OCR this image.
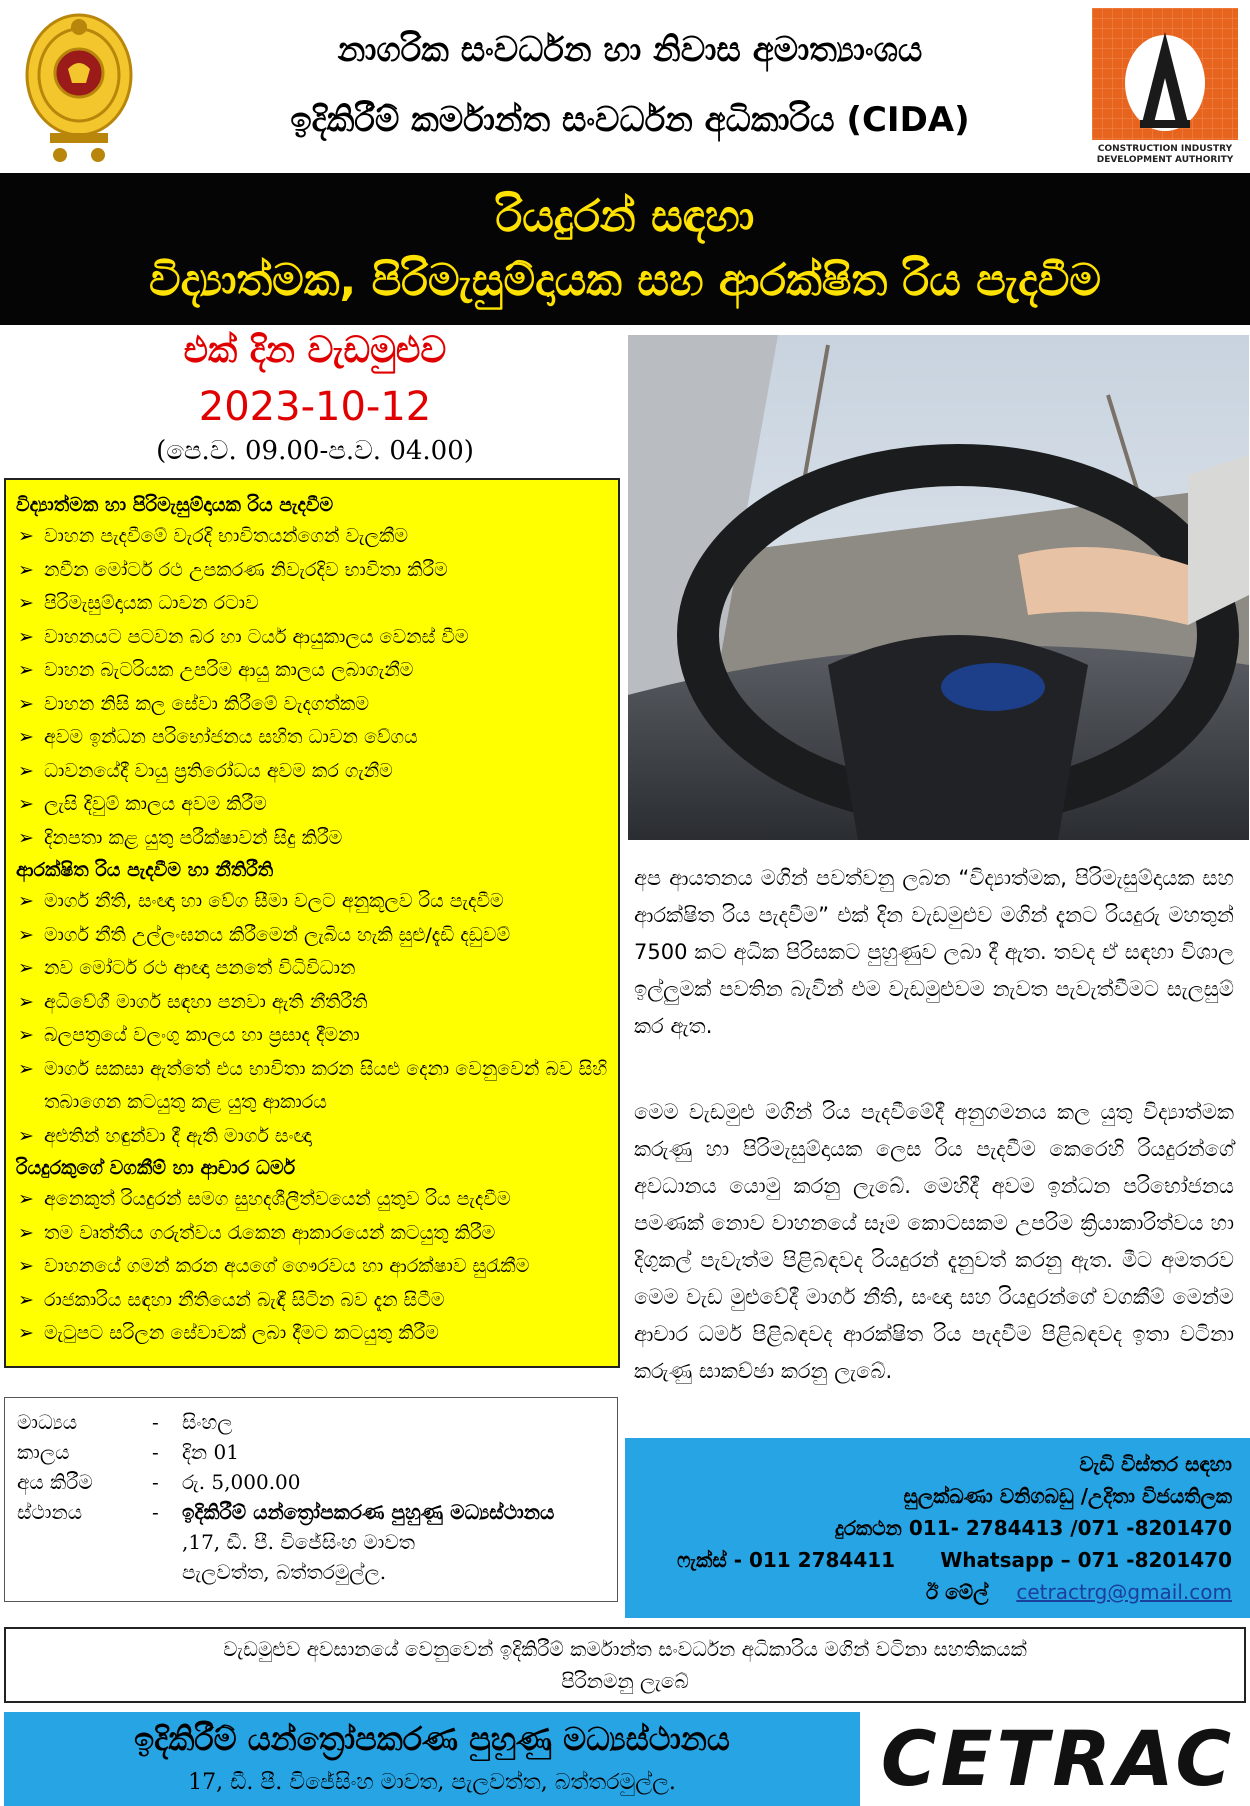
නාගරික සංවර්ධන හා නිවාස අමාත්‍යාංශය
ඉදිකිරීම් කර්මාන්ත සංවර්ධන අධිකාරිය (CIDA)
CONSTRUCTION INDUSTRY DEVELOPMENT AUTHORITY
රියදුරන් සඳහා
විද්‍යාත්මක, පිරිමැසුම්දායක සහ ආරක්ෂිත රිය පැදවීම
එක් දින වැඩමුළුව
2023-10-12
(පෙ.ව. 09.00-ප.ව. 04.00)
විද්‍යාත්මක හා පිරිමැසුම්දායක රිය පැදවීම
➢ වාහන පැදවීමේ වැරදි භාවිතයන්ගෙන් වැලකීම
➢ නවීන මෝටර් රථ උපකරණ නිවැරදිව භාවිතා කිරීම
➢ පිරිමැසුම්දායක ධාවන රටාව
➢ වාහනයට පටවන බර හා ටයර් ආයුකාලය වෙනස් වීම
➢ වාහන බැටරියක උපරිම ආයු කාලය ලබාගැනීම
➢ වාහන නිසි කල සේවා කිරීමේ වැදගත්කම
➢ අවම ඉන්ධන පරිභෝජනය සහිත ධාවන වේගය
➢ ධාවනයේදී වායු ප්‍රතිරෝධය අවම කර ගැනීම
➢ ලැසි දිවුම් කාලය අවම කිරීම
➢ දිනපතා කළ යුතු පරීක්ෂාවන් සිදු කිරීම
ආරක්ෂිත රිය පැදවීම හා නීතිරීති
➢ මාර්ග නීති, සංඥා හා වේග සීමා වලට අනුකූලව රිය පැදවීම
➢ මාර්ග නීති උල්ලංඝනය කිරීමෙන් ලැබිය හැකි සුළු/දැඩි දඩුවම්
➢ නව මෝටර් රථ ආඥා පනතේ විධිවිධාන
➢ අධිවේගී මාර්ග සඳහා පනවා ඇති නීතිරීති
➢ බලපත්‍රයේ වලංගු කාලය හා ප්‍රසාද දීමනා
➢ මාර්ග සකසා ඇත්තේ එය භාවිතා කරන සියළු දෙනා වෙනුවෙන් බව සිහි තබාගෙන කටයුතු කළ යුතු ආකාරය
➢ අළුතින් හඳුන්වා දී ඇති මාර්ග සංඥා
රියදුරකුගේ වගකීම් හා ආචාර ධර්ම
➢ අනෙකුත් රියදුරන් සමග සුහදශීලීත්වයෙන් යුතුව රිය පැදවීම
➢ තම වෘත්තීය ගරුත්වය රැකෙන ආකාරයෙන් කටයුතු කිරීම
➢ වාහනයේ ගමන් කරන අයගේ ගෞරවය හා ආරක්ෂාව සුරැකීම
➢ රාජකාරිය සඳහා නීතියෙන් බැඳී සිටින බව දැන සිටීම
➢ මැටුපට සරිලන සේවාවක් ලබා දීමට කටයුතු කිරීම
අප ආයතනය මගින් පවත්වනු ලබන “විද්‍යාත්මක, පිරිමැසුම්දායක සහ ආරක්ෂිත රිය පැදවීම” එක් දින වැඩමුළුව මගින් දැනට රියදුරු මහතුන් 7500 කට අධික පිරිසකට පුහුණුව ලබා දී ඇත. තවද ඒ සඳහා විශාල ඉල්ලුමක් පවතින බැවින් එම වැඩමුළුවම නැවත පැවැත්වීමට සැලසුම් කර ඇත.
මෙම වැඩමුළු මගින් රිය පැදවීමේදී අනුගමනය කල යුතු විද්‍යාත්මක කරුණු හා පිරිමැසුම්දායක ලෙස රිය පැදවීම කෙරෙහි රියදුරන්ගේ අවධානය යොමු කරනු ලැබේ. මෙහිදී අවම ඉන්ධන පරිභෝජනය පමණක් නොව වාහනයේ සෑම කොටසකම උපරිම ක්‍රියාකාරිත්වය හා දිගුකල් පැවැත්ම පිළිබඳවද රියදුරන් දැනුවත් කරනු ඇත. මීට අමතරව මෙම වැඩ මුළුවේදී මාර්ග නීති, සංඥා සහ රියදුරන්ගේ වගකීම් මෙන්ම ආචාර ධර්ම පිළිබඳවද ආරක්ෂිත රිය පැදවීම පිළිබඳවද ඉතා වටිනා කරුණු සාකච්ඡා කරනු ලැබේ.
මාධ්‍යය	-	සිංහල
කාලය	-	දින 01
අය කිරීම	-	රු. 5,000.00
ස්ථානය	-	ඉදිකිරීම් යන්ත්‍රෝපකරණ පුහුණු මධ්‍යස්ථානය
,17, ඩී. පී. විජේසිංහ මාවත
පැලවත්ත, බත්තරමුල්ල.
වැඩි විස්තර සඳහා
සුලක්ඛණා වනිගබඩු /උදිතා විජයතිලක
දුරකථන 011- 2784413 /071 -8201470
ෆැක්ස් - 011 2784411 Whatsapp – 071 -8201470
ඊ මේල් cetractrg@gmail.com
වැඩමුළුව අවසානයේ වෙනුවෙන් ඉදිකිරීම් කර්මාන්ත සංවර්ධන අධිකාරිය මගින් වටිනා සහතිකයක්
පිරිනමනු ලැබේ
ඉදිකිරීම් යන්ත්‍රෝපකරණ පුහුණු මධ්‍යස්ථානය
17, ඩී. පී. විජේසිංහ මාවත, පැලවත්ත, බත්තරමුල්ල.	CETRAC
